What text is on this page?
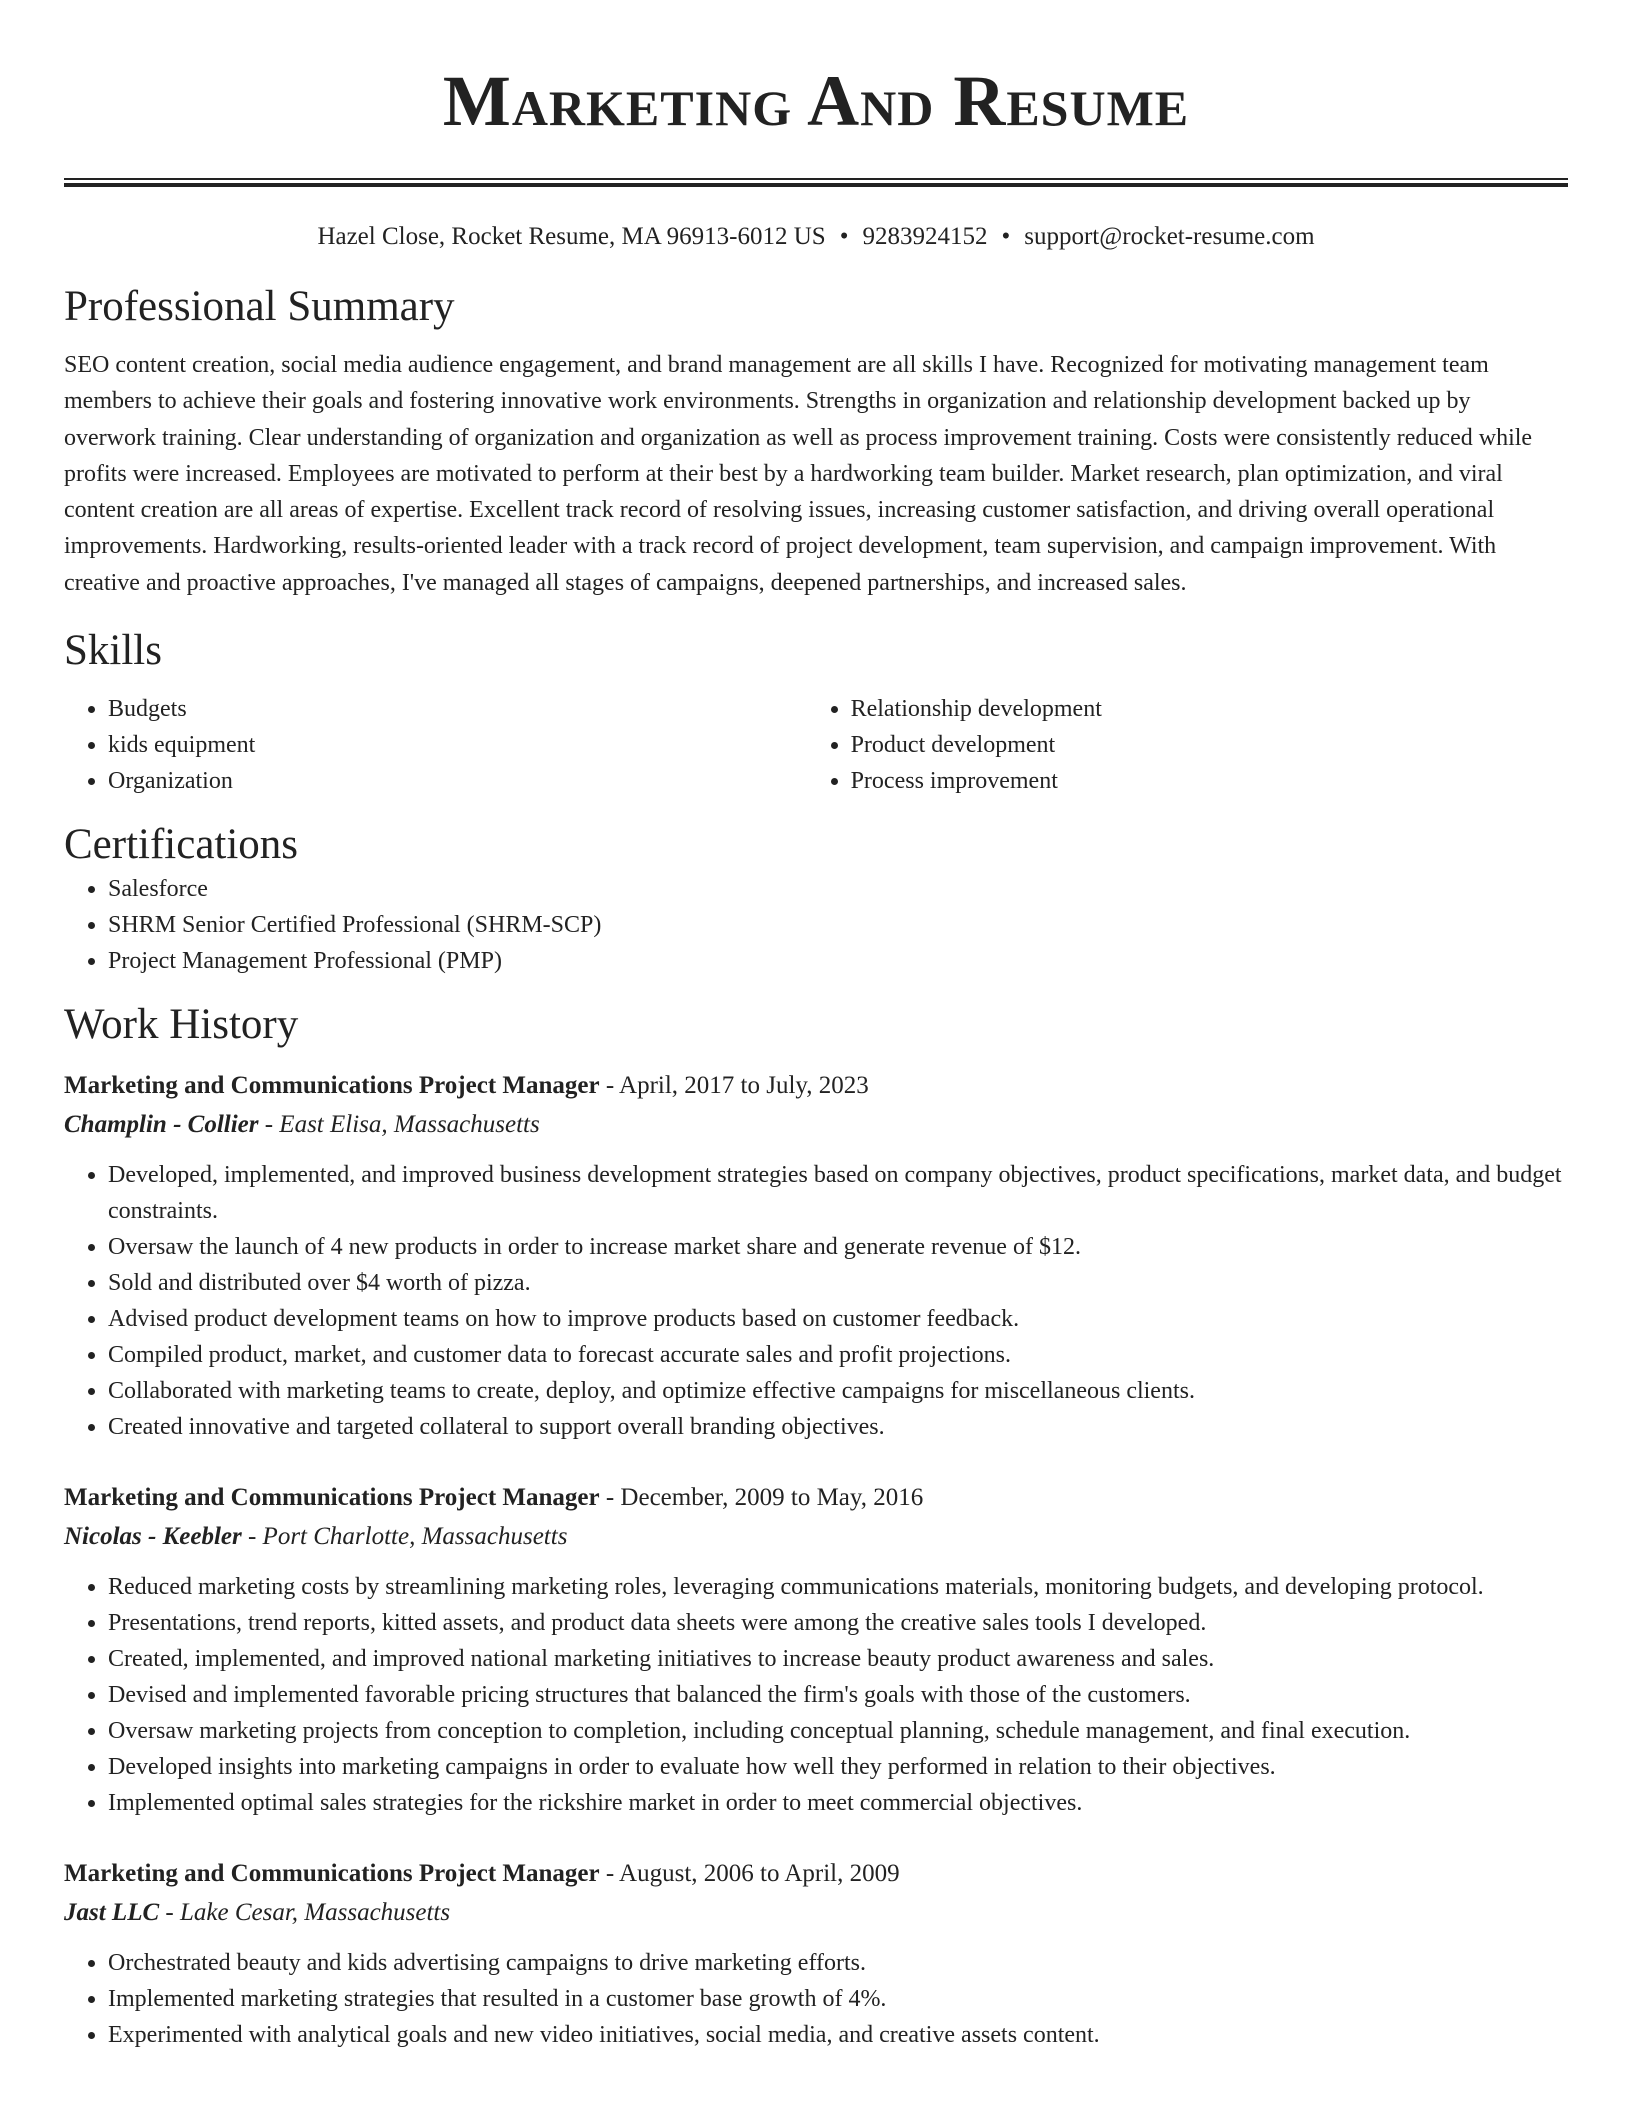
Marketing And Resume
Hazel Close, Rocket Resume, MA 96913-6012 US • 9283924152 • support@rocket-resume.com
Professional Summary

SEO content creation, social media audience engagement, and brand management are all skills I have. Recognized for motivating management team members to achieve their goals and fostering innovative work environments. Strengths in organization and relationship development backed up by overwork training. Clear understanding of organization and organization as well as process improvement training. Costs were consistently reduced while profits were increased. Employees are motivated to perform at their best by a hardworking team builder. Market research, plan optimization, and viral content creation are all areas of expertise. Excellent track record of resolving issues, increasing customer satisfaction, and driving overall operational improvements. Hardworking, results-oriented leader with a track record of project development, team supervision, and campaign improvement. With creative and proactive approaches, I've managed all stages of campaigns, deepened partnerships, and increased sales.

Skills
• Budgets
• kids equipment
• Organization
• Relationship development
• Product development
• Process improvement
Certifications
• Salesforce
• SHRM Senior Certified Professional (SHRM-SCP)
• Project Management Professional (PMP)
Work History
Marketing and Communications Project Manager - April, 2017 to July, 2023
Champlin - Collier - East Elisa, Massachusetts
• Developed, implemented, and improved business development strategies based on company objectives, product specifications, market data, and budget constraints.
• Oversaw the launch of 4 new products in order to increase market share and generate revenue of $12.
• Sold and distributed over $4 worth of pizza.
• Advised product development teams on how to improve products based on customer feedback.
• Compiled product, market, and customer data to forecast accurate sales and profit projections.
• Collaborated with marketing teams to create, deploy, and optimize effective campaigns for miscellaneous clients.
• Created innovative and targeted collateral to support overall branding objectives.
Marketing and Communications Project Manager - December, 2009 to May, 2016
Nicolas - Keebler - Port Charlotte, Massachusetts
• Reduced marketing costs by streamlining marketing roles, leveraging communications materials, monitoring budgets, and developing protocol.
• Presentations, trend reports, kitted assets, and product data sheets were among the creative sales tools I developed.
• Created, implemented, and improved national marketing initiatives to increase beauty product awareness and sales.
• Devised and implemented favorable pricing structures that balanced the firm's goals with those of the customers.
• Oversaw marketing projects from conception to completion, including conceptual planning, schedule management, and final execution.
• Developed insights into marketing campaigns in order to evaluate how well they performed in relation to their objectives.
• Implemented optimal sales strategies for the rickshire market in order to meet commercial objectives.
Marketing and Communications Project Manager - August, 2006 to April, 2009
Jast LLC - Lake Cesar, Massachusetts
• Orchestrated beauty and kids advertising campaigns to drive marketing efforts.
• Implemented marketing strategies that resulted in a customer base growth of 4%.
• Experimented with analytical goals and new video initiatives, social media, and creative assets content.
